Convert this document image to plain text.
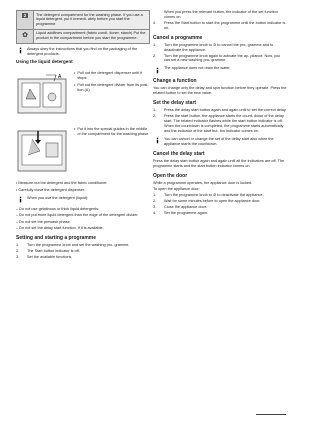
2	The detergent compartment for the washing phase. If you use a liquid detergent, put it immedi- ately before you start the programme.
✿	Liquid additives compartment (fabric condi- tioner, starch) Put the product in the compartment before you start the programme.
Always obey the instructions that you find on the packaging of the detergent products.
Using the liquid detergent
A
• Pull out the detergent dispenser until it stops.
• Pull out the detergent divider from its posi- tion (A)
• Put it into the special guides in the middle of the compartment for the washing phase.
• Measure out the detergent and the fabric conditioner.
• Carefully close the detergent dispenser.
When you use the detergent (liquid):
– Do not use gelatinous or thick liquid detergents.
– Do not put more liquid detergent than the edge of the detergent divider.
– Do not set the prewash phase.
– Do not set the delay start function, if it is available.
Setting and starting a programme
1.	Turn the programme knob and set the washing pro- gramme.
2.	The Start button indicator is off.
3.	Set the available functions.
When you press the relevant button, the indicator of the set function comes on.
4.	Press the Start button to start the programme until the button indicator is on.
Cancel a programme
1.	Turn the programme knob to ⊘ to cancel the pro- gramme and to deactivate the appliance.
2.	Turn the programme knob again to activate the ap- pliance. Now, you can set a new washing pro- gramme.
The appliance does not drain the water.
Change a function
You can change only the delay and spin function before they operate. Press the related button to set the new value.
Set the delay start
1.	Press the delay start button again and again until to set the correct delay.
2.	Press the start button, the appliance starts the count- down of the delay start. The related indicator flashes while the start button indicator is off. When the countdown is completed, the programme starts automatically and the indicator of the start but- ton indicator comes on.
You can cancel or change the set of the delay start also when the appliance starts the countdown.
Cancel the delay start
Press the delay start button again and again until all the indicators are off. The programme starts and the start button indicator comes on.
Open the door
While a programme operates, the appliance door is locked.
To open the appliance door:
1.	Turn the programme knob to ⊘ to deactivate the appliance.
2.	Wait for some minutes before to open the appliance door.
3.	Close the appliance door.
4.	Set the programme again.
